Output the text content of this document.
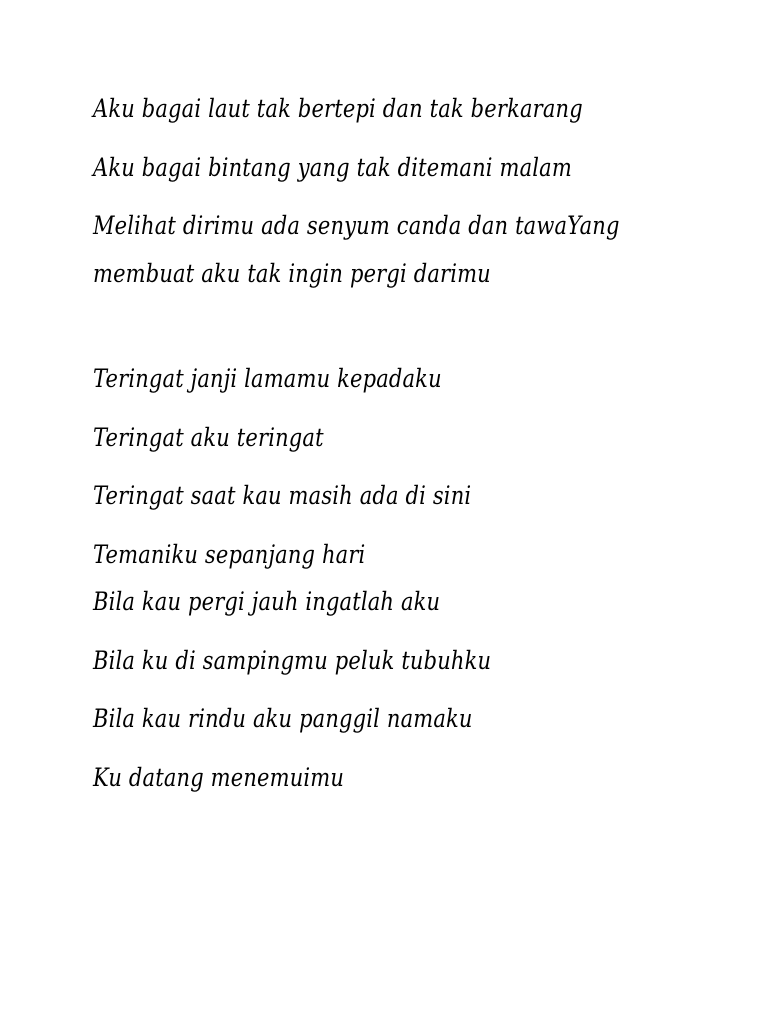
Aku bagai laut tak bertepi dan tak berkarang
Aku bagai bintang yang tak ditemani malam
Melihat dirimu ada senyum canda dan tawaYang
membuat aku tak ingin pergi darimu
Teringat janji lamamu kepadaku
Teringat aku teringat
Teringat saat kau masih ada di sini
Temaniku sepanjang hari
Bila kau pergi jauh ingatlah aku
Bila ku di sampingmu peluk tubuhku
Bila kau rindu aku panggil namaku
Ku datang menemuimu
